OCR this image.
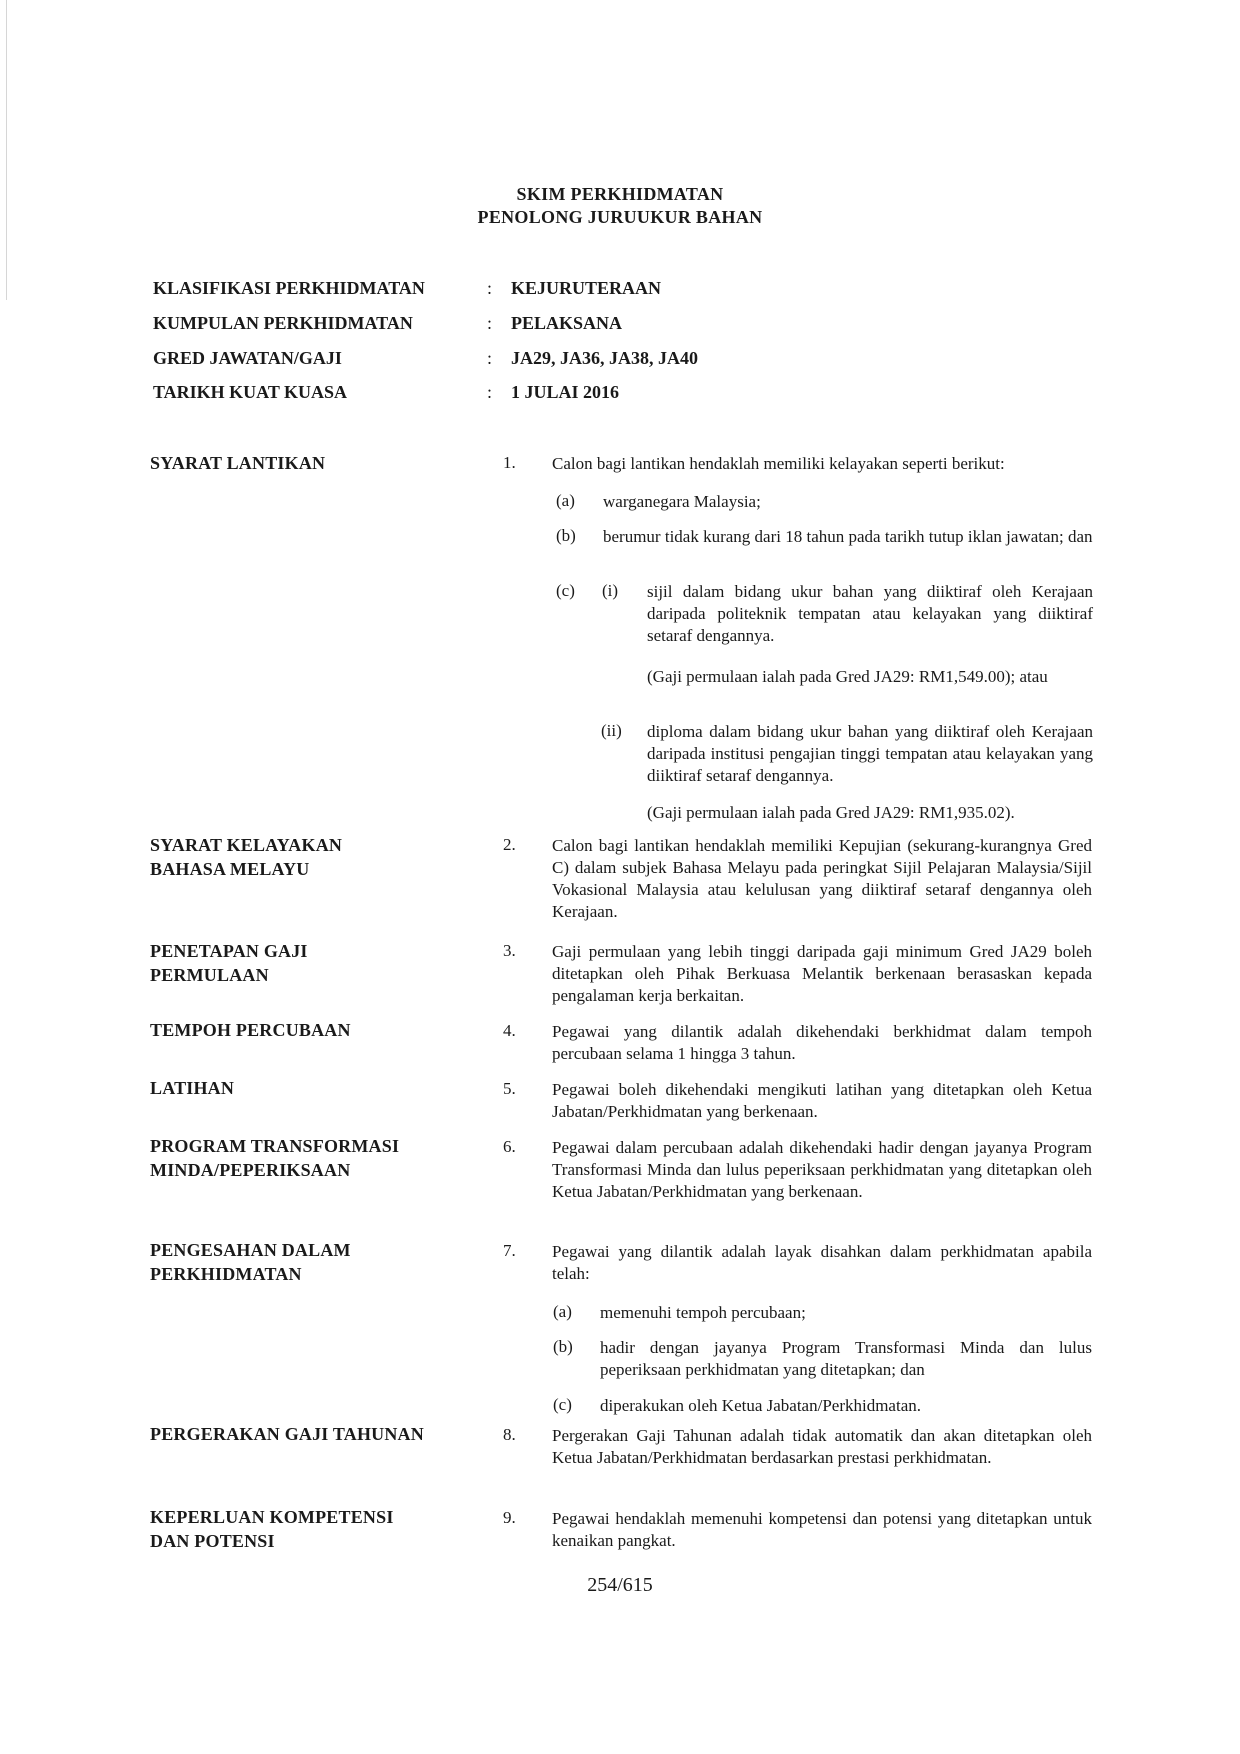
SKIM PERKHIDMATAN
PENOLONG JURUUKUR BAHAN
KLASIFIKASI PERKHIDMATAN	: KEJURUTERAAN
KUMPULAN PERKHIDMATAN	: PELAKSANA
GRED JAWATAN/GAJI	: JA29, JA36, JA38, JA40
TARIKH KUAT KUASA	: 1 JULAI 2016
SYARAT LANTIKAN	1. Calon bagi lantikan hendaklah memiliki kelayakan seperti berikut:
(a) warganegara Malaysia;
(b) berumur tidak kurang dari 18 tahun pada tarikh tutup iklan jawatan; dan
(c) (i) sijil dalam bidang ukur bahan yang diiktiraf oleh Kerajaan daripada politeknik tempatan atau kelayakan yang diiktiraf setaraf dengannya.
(Gaji permulaan ialah pada Gred JA29: RM1,549.00); atau
(ii) diploma dalam bidang ukur bahan yang diiktiraf oleh Kerajaan daripada institusi pengajian tinggi tempatan atau kelayakan yang diiktiraf setaraf dengannya.
(Gaji permulaan ialah pada Gred JA29: RM1,935.02).
SYARAT KELAYAKAN
BAHASA MELAYU
2. Calon bagi lantikan hendaklah memiliki Kepujian (sekurang-kurangnya Gred C) dalam subjek Bahasa Melayu pada peringkat Sijil Pelajaran Malaysia/Sijil Vokasional Malaysia atau kelulusan yang diiktiraf setaraf dengannya oleh Kerajaan.
PENETAPAN GAJI
PERMULAAN
3. Gaji permulaan yang lebih tinggi daripada gaji minimum Gred JA29 boleh ditetapkan oleh Pihak Berkuasa Melantik berkenaan berasaskan kepada pengalaman kerja berkaitan.
TEMPOH PERCUBAAN	4. Pegawai yang dilantik adalah dikehendaki berkhidmat dalam tempoh percubaan selama 1 hingga 3 tahun.
LATIHAN	5. Pegawai boleh dikehendaki mengikuti latihan yang ditetapkan oleh Ketua Jabatan/Perkhidmatan yang berkenaan.
PROGRAM TRANSFORMASI
MINDA/PEPERIKSAAN
6. Pegawai dalam percubaan adalah dikehendaki hadir dengan jayanya Program Transformasi Minda dan lulus peperiksaan perkhidmatan yang ditetapkan oleh Ketua Jabatan/Perkhidmatan yang berkenaan.
PENGESAHAN DALAM
PERKHIDMATAN
7. Pegawai yang dilantik adalah layak disahkan dalam perkhidmatan apabila telah:
(a) memenuhi tempoh percubaan;
(b) hadir dengan jayanya Program Transformasi Minda dan lulus peperiksaan perkhidmatan yang ditetapkan; dan
(c) diperakukan oleh Ketua Jabatan/Perkhidmatan.
PERGERAKAN GAJI TAHUNAN	8. Pergerakan Gaji Tahunan adalah tidak automatik dan akan ditetapkan oleh Ketua Jabatan/Perkhidmatan berdasarkan prestasi perkhidmatan.
KEPERLUAN KOMPETENSI
DAN POTENSI
9. Pegawai hendaklah memenuhi kompetensi dan potensi yang ditetapkan untuk kenaikan pangkat.
254/615
